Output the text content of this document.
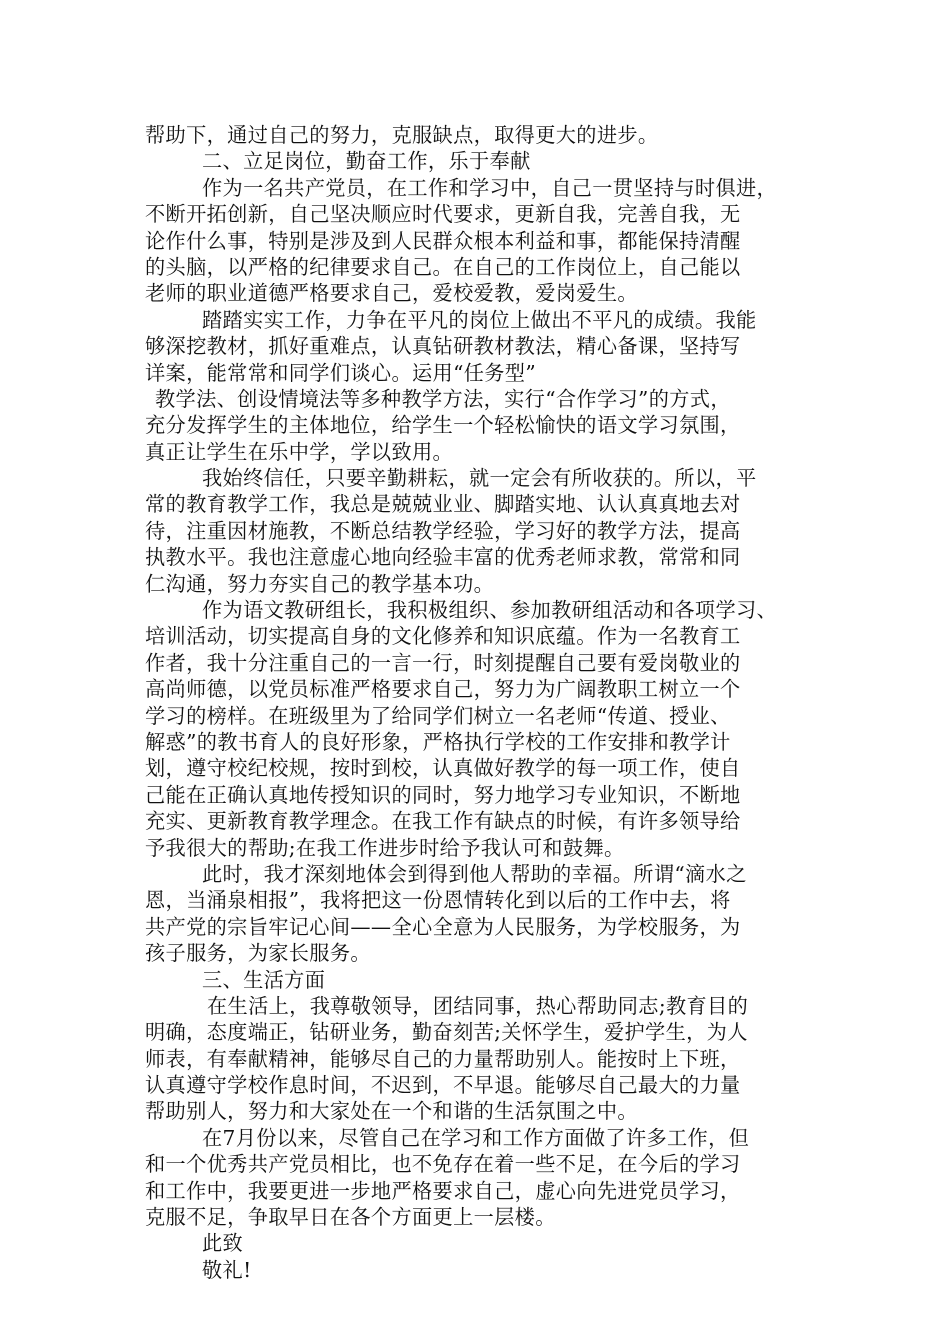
帮助下，通过自己的努力，克服缺点，取得更大的进步。
二、立足岗位，勤奋工作，乐于奉献
作为一名共产党员，在工作和学习中，自己一贯坚持与时俱进，
不断开拓创新，自己坚决顺应时代要求，更新自我，完善自我，无
论作什么事，特别是涉及到人民群众根本利益和事，都能保持清醒
的头脑，以严格的纪律要求自己。在自己的工作岗位上，自己能以
老师的职业道德严格要求自己，爱校爱教，爱岗爱生。
踏踏实实工作，力争在平凡的岗位上做出不平凡的成绩。我能
够深挖教材，抓好重难点，认真钻研教材教法，精心备课，坚持写
详案，能常常和同学们谈心。运用“任务型”
教学法、创设情境法等多种教学方法，实行“合作学习”的方式，
充分发挥学生的主体地位，给学生一个轻松愉快的语文学习氛围，
真正让学生在乐中学，学以致用。
我始终信任，只要辛勤耕耘，就一定会有所收获的。所以，平
常的教育教学工作，我总是兢兢业业、脚踏实地、认认真真地去对
待，注重因材施教，不断总结教学经验，学习好的教学方法，提高
执教水平。我也注意虚心地向经验丰富的优秀老师求教，常常和同
仁沟通，努力夯实自己的教学基本功。
作为语文教研组长，我积极组织、参加教研组活动和各项学习、
培训活动，切实提高自身的文化修养和知识底蕴。作为一名教育工
作者，我十分注重自己的一言一行，时刻提醒自己要有爱岗敬业的
高尚师德，以党员标准严格要求自己，努力为广阔教职工树立一个
学习的榜样。在班级里为了给同学们树立一名老师“传道、授业、
解惑”的教书育人的良好形象，严格执行学校的工作安排和教学计
划，遵守校纪校规，按时到校，认真做好教学的每一项工作，使自
己能在正确认真地传授知识的同时，努力地学习专业知识，不断地
充实、更新教育教学理念。在我工作有缺点的时候，有许多领导给
予我很大的帮助;在我工作进步时给予我认可和鼓舞。
此时，我才深刻地体会到得到他人帮助的幸福。所谓“滴水之
恩，当涌泉相报”，我将把这一份恩情转化到以后的工作中去，将
共产党的宗旨牢记心间——全心全意为人民服务，为学校服务，为
孩子服务，为家长服务。
三、生活方面
在生活上，我尊敬领导，团结同事，热心帮助同志;教育目的
明确，态度端正，钻研业务，勤奋刻苦;关怀学生，爱护学生，为人
师表，有奉献精神，能够尽自己的力量帮助别人。能按时上下班，
认真遵守学校作息时间，不迟到，不早退。能够尽自己最大的力量
帮助别人，努力和大家处在一个和谐的生活氛围之中。
在7月份以来，尽管自己在学习和工作方面做了许多工作，但
和一个优秀共产党员相比，也不免存在着一些不足，在今后的学习
和工作中，我要更进一步地严格要求自己，虚心向先进党员学习，
克服不足，争取早日在各个方面更上一层楼。
此致
敬礼!
